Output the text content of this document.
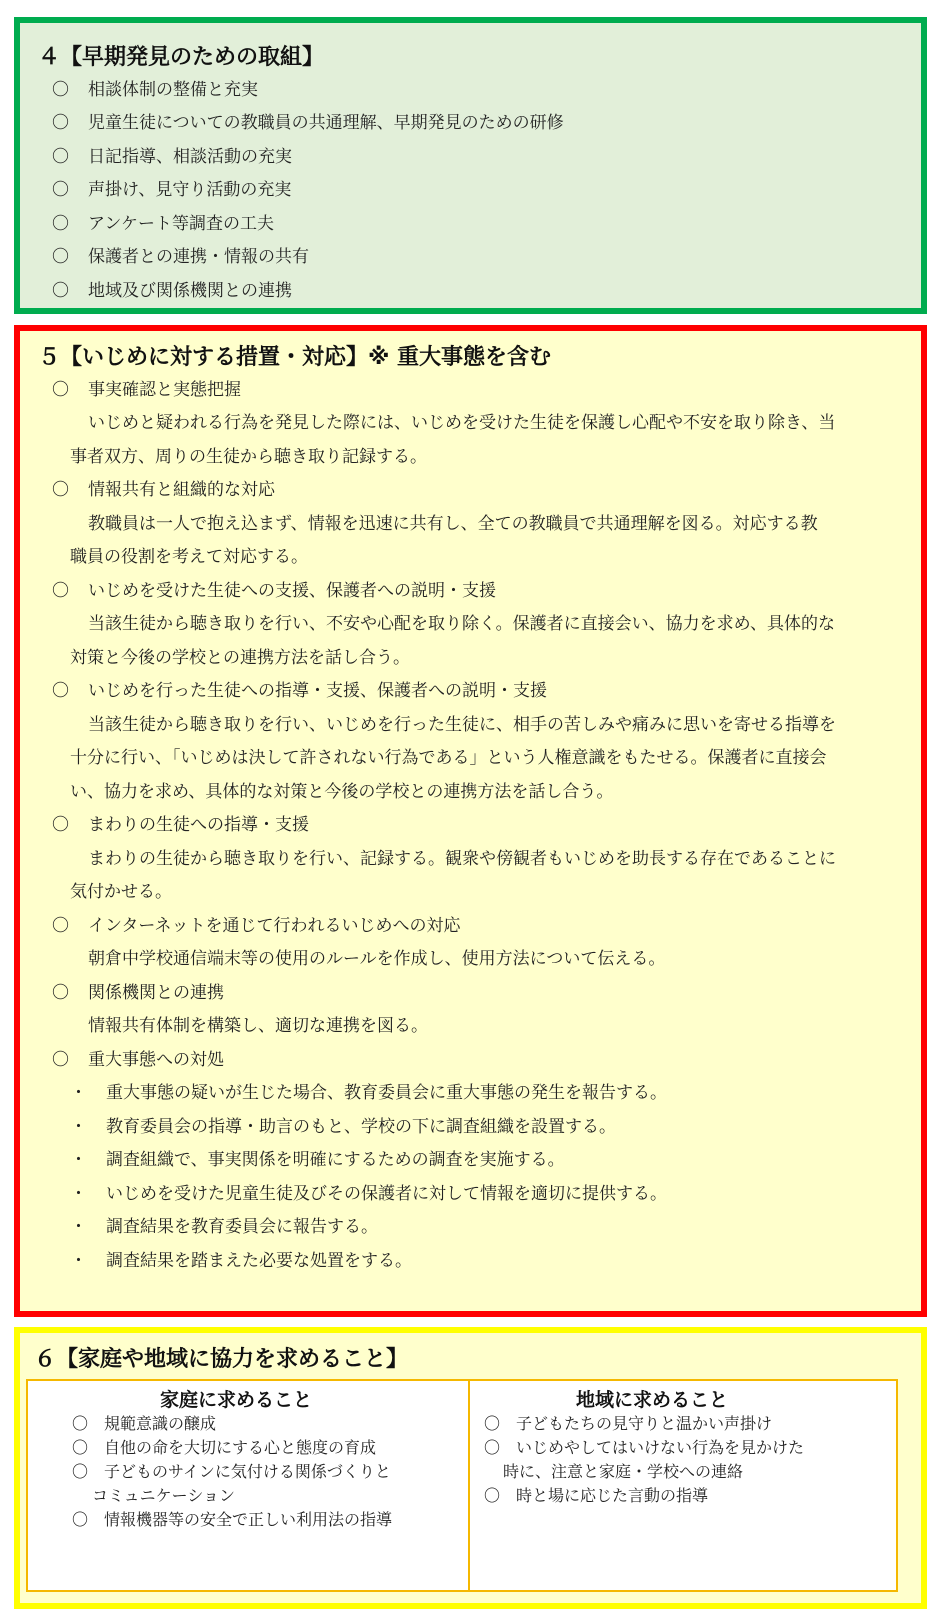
４【早期発見のための取組】
〇 相談体制の整備と充実
〇 児童生徒についての教職員の共通理解、早期発見のための研修
〇 日記指導、相談活動の充実
〇 声掛け、見守り活動の充実
〇 アンケート等調査の工夫
〇 保護者との連携・情報の共有
〇 地域及び関係機関との連携
５【いじめに対する措置・対応】※ 重大事態を含む
〇 事実確認と実態把握
いじめと疑われる行為を発見した際には、いじめを受けた生徒を保護し心配や不安を取り除き、当
事者双方、周りの生徒から聴き取り記録する。
〇 情報共有と組織的な対応
教職員は一人で抱え込まず、情報を迅速に共有し、全ての教職員で共通理解を図る。対応する教
職員の役割を考えて対応する。
〇 いじめを受けた生徒への支援、保護者への説明・支援
当該生徒から聴き取りを行い、不安や心配を取り除く。保護者に直接会い、協力を求め、具体的な
対策と今後の学校との連携方法を話し合う。
〇 いじめを行った生徒への指導・支援、保護者への説明・支援
当該生徒から聴き取りを行い、いじめを行った生徒に、相手の苦しみや痛みに思いを寄せる指導を
十分に行い、「いじめは決して許されない行為である」という人権意識をもたせる。保護者に直接会
い、協力を求め、具体的な対策と今後の学校との連携方法を話し合う。
〇 まわりの生徒への指導・支援
まわりの生徒から聴き取りを行い、記録する。観衆や傍観者もいじめを助長する存在であることに
気付かせる。
〇 インターネットを通じて行われるいじめへの対応
朝倉中学校通信端末等の使用のルールを作成し、使用方法について伝える。
〇 関係機関との連携
情報共有体制を構築し、適切な連携を図る。
〇 重大事態への対処
・ 重大事態の疑いが生じた場合、教育委員会に重大事態の発生を報告する。
・ 教育委員会の指導・助言のもと、学校の下に調査組織を設置する。
・ 調査組織で、事実関係を明確にするための調査を実施する。
・ いじめを受けた児童生徒及びその保護者に対して情報を適切に提供する。
・ 調査結果を教育委員会に報告する。
・ 調査結果を踏まえた必要な処置をする。
６【家庭や地域に協力を求めること】
家庭に求めること
〇　規範意識の醸成
〇　自他の命を大切にする心と態度の育成
〇　子どものサインに気付ける関係づくりと
コミュニケーション
〇　情報機器等の安全で正しい利用法の指導
地域に求めること
〇　子どもたちの見守りと温かい声掛け
〇　いじめやしてはいけない行為を見かけた
時に、注意と家庭・学校への連絡
〇　時と場に応じた言動の指導
